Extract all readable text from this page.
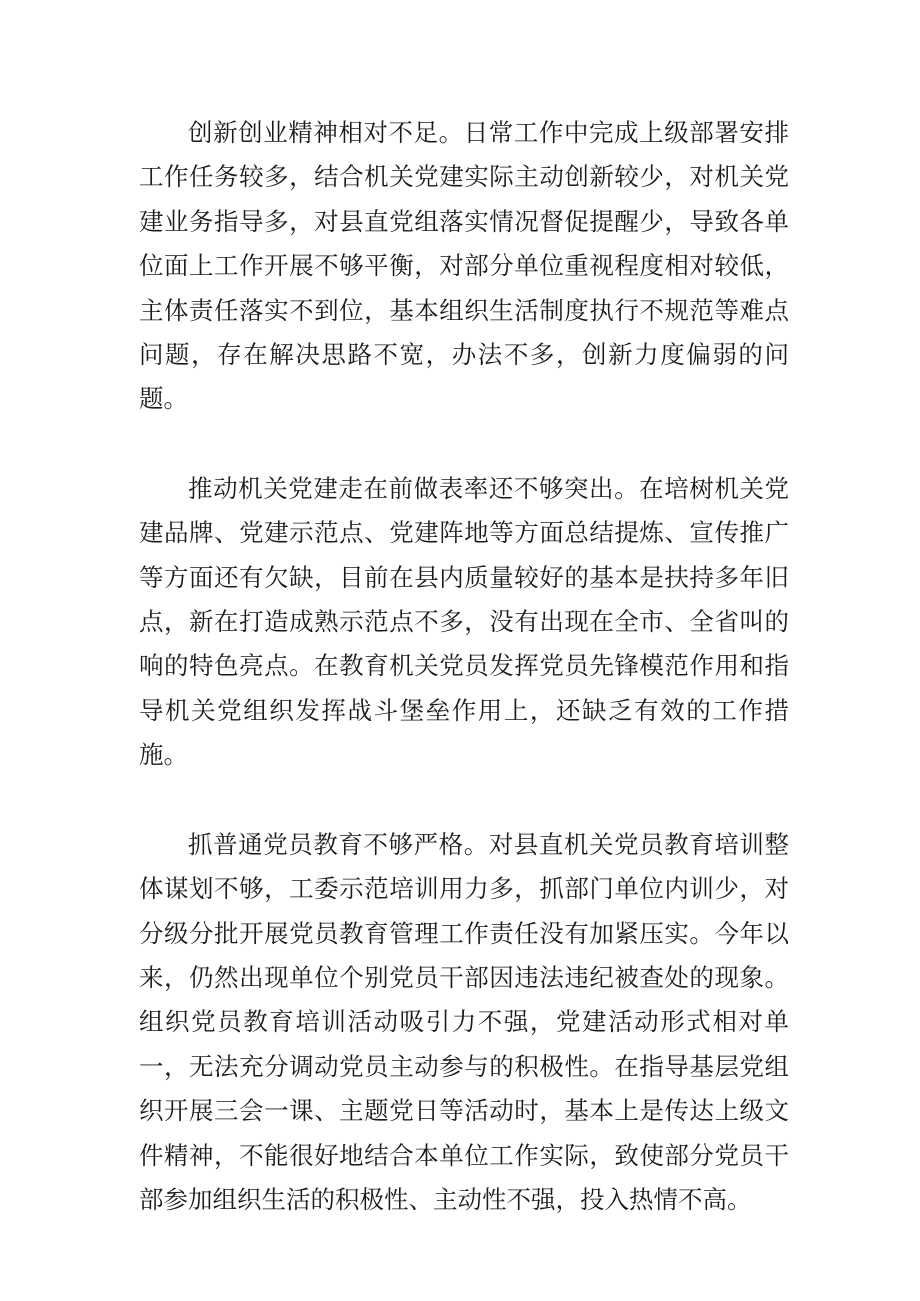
创新创业精神相对不足。日常工作中完成上级部署安排工作任务较多，结合机关党建实际主动创新较少，对机关党建业务指导多，对县直党组落实情况督促提醒少，导致各单位面上工作开展不够平衡，对部分单位重视程度相对较低，主体责任落实不到位，基本组织生活制度执行不规范等难点问题，存在解决思路不宽，办法不多，创新力度偏弱的问题。

推动机关党建走在前做表率还不够突出。在培树机关党建品牌、党建示范点、党建阵地等方面总结提炼、宣传推广等方面还有欠缺，目前在县内质量较好的基本是扶持多年旧点，新在打造成熟示范点不多，没有出现在全市、全省叫的响的特色亮点。在教育机关党员发挥党员先锋模范作用和指导机关党组织发挥战斗堡垒作用上，还缺乏有效的工作措施。

抓普通党员教育不够严格。对县直机关党员教育培训整体谋划不够，工委示范培训用力多，抓部门单位内训少，对分级分批开展党员教育管理工作责任没有加紧压实。今年以来，仍然出现单位个别党员干部因违法违纪被查处的现象。组织党员教育培训活动吸引力不强，党建活动形式相对单一，无法充分调动党员主动参与的积极性。在指导基层党组织开展三会一课、主题党日等活动时，基本上是传达上级文件精神，不能很好地结合本单位工作实际，致使部分党员干部参加组织生活的积极性、主动性不强，投入热情不高。
